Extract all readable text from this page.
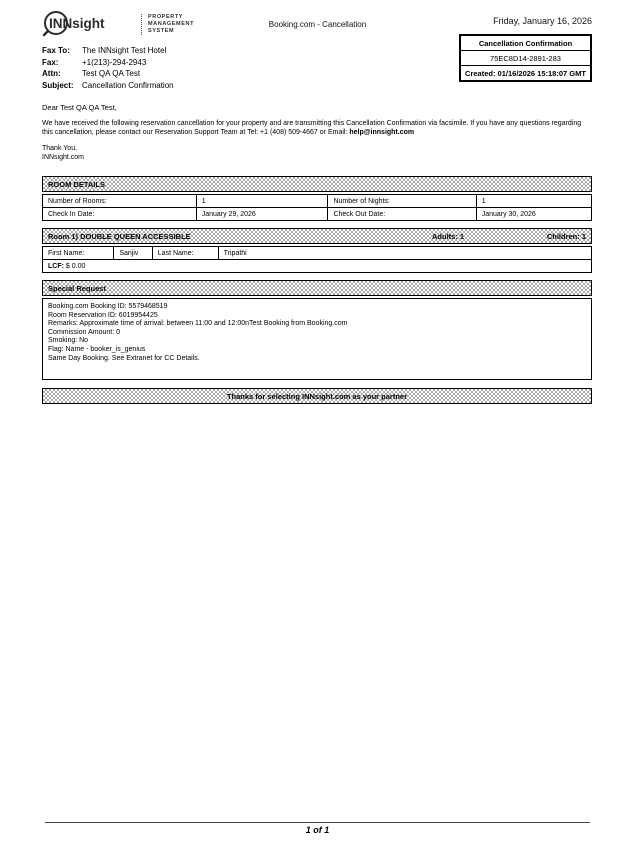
Booking.com - Cancellation
INNsight	PROPERTY
MANAGEMENT
SYSTEM
Fax To:	The INNsight Test Hotel
Fax:	+1(213)-294-2943
Attn:	Test QA QA Test
Subject:	Cancellation Confirmation
Friday, January 16, 2026
Cancellation Confirmation
75EC8D14-2891-283
Created: 01/16/2026 15:18:07 GMT
Dear Test QA QA Test,
We have received the following reservation cancellation for your property and are transmitting this Cancellation Confirmation via facsimile. If you have any questions regarding this cancellation, please contact our Reservation Support Team at Tel: +1 (408) 509-4667 or Email: help@innsight.com
Thank You,
INNsight.com
ROOM DETAILS
Number of Rooms:	1	Number of Nights:	1
Check In Date:	January 29, 2026	Check Out Date:	January 30, 2026
Room 1) DOUBLE QUEEN ACCESSIBLE	Adults: 1	Children: 1
First Name:	Sanjiv	Last Name:	Tripathi
LCF: $ 0.00
Special Request
Booking.com Booking ID: 5579468519
Room Reservation ID: 6019954425
Remarks: Approximate time of arrival: between 11:00 and 12:00nTest Booking from Booking.com
Commission Amount: 0
Smoking: No
Flag: Name - booker_is_genius
Same Day Booking. See Extranet for CC Details.
Thanks for selecting INNsight.com as your partner
1 of 1
